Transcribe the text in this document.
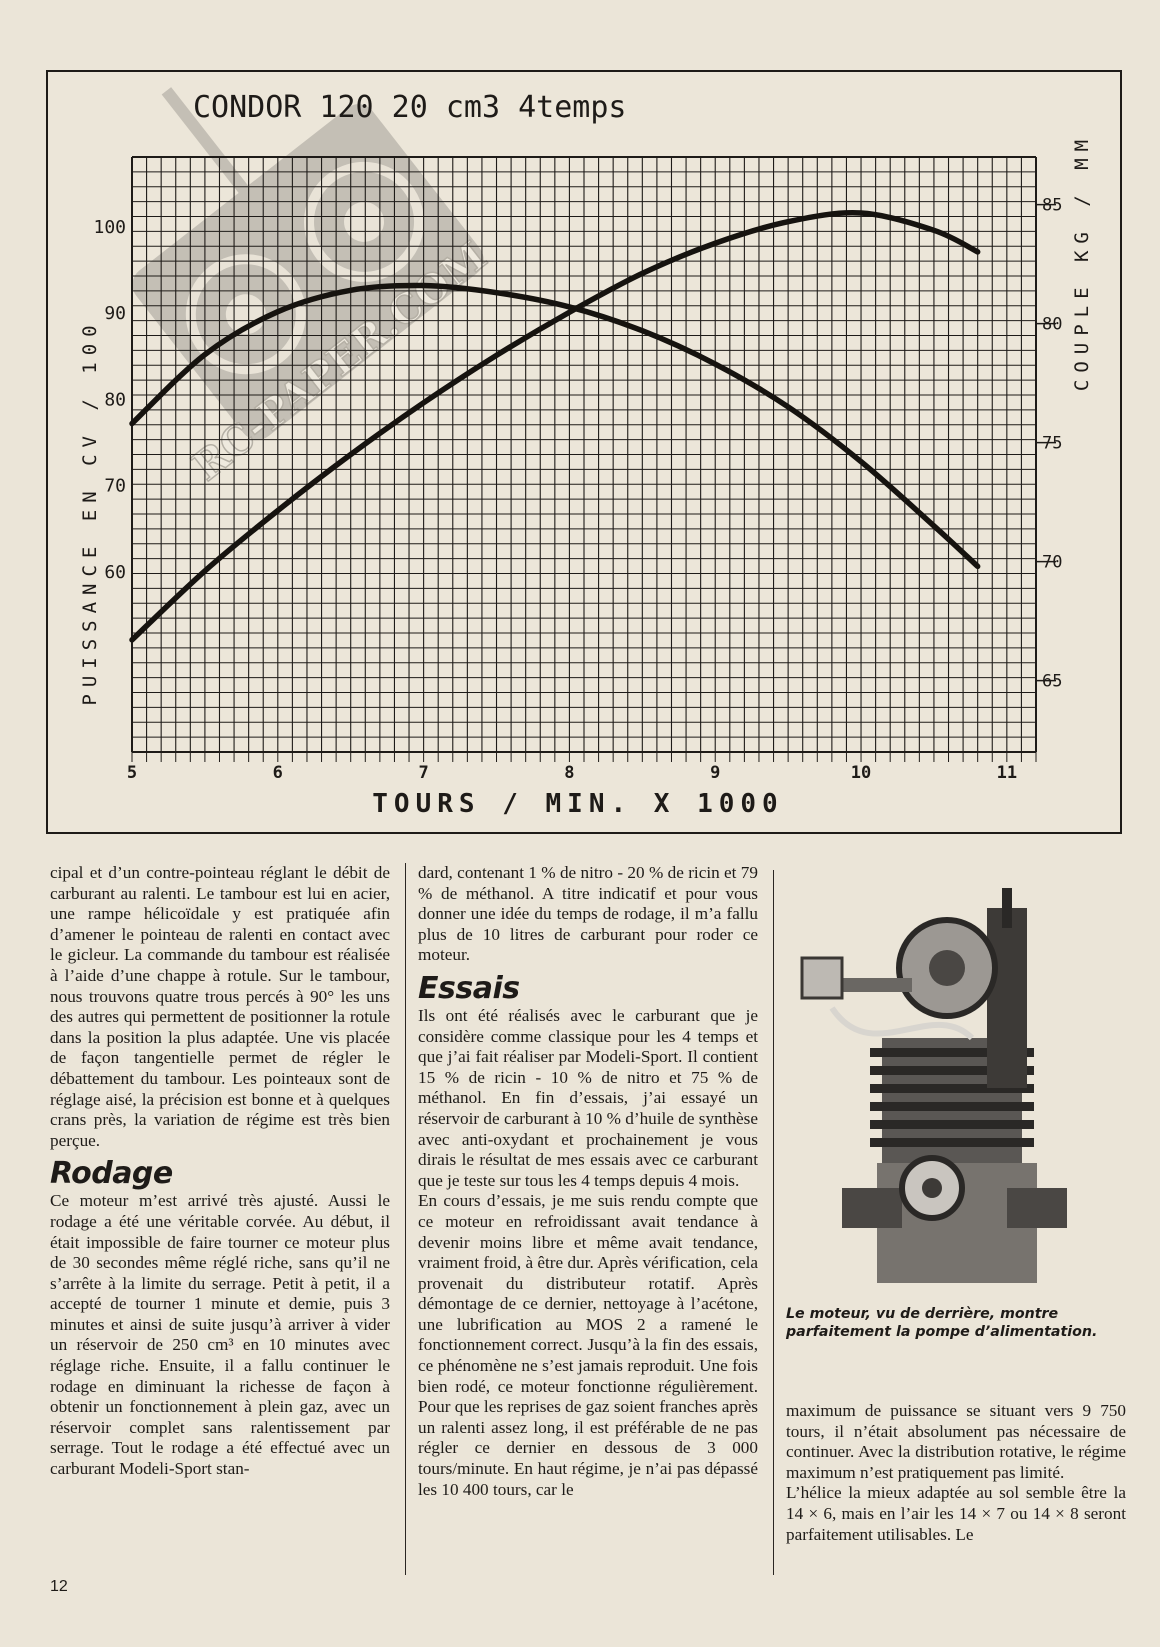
RC-PAPER.COM
CONDOR 120 20 cm3 4temps
5	6	7	8	9	10	11
TOURS / MIN. X 1000
60
70
80
90
100
65
70
75
80
85
PUISSANCE EN CV / 100
COUPLE KG / MM

cipal et d’un contre-pointeau réglant le débit de carburant au ralenti. Le tambour est lui en acier, une rampe hélicoïdale y est pratiquée afin d’amener le pointeau de ralenti en contact avec le gicleur. La commande du tambour est réalisée à l’aide d’une chappe à rotule. Sur le tambour, nous trouvons quatre trous percés à 90° les uns des autres qui permettent de positionner la rotule dans la position la plus adaptée. Une vis placée de façon tangentielle permet de régler le débattement du tambour. Les pointeaux sont de réglage aisé, la précision est bonne et à quelques crans près, la variation de régime est très bien perçue.

Rodage

Ce moteur m’est arrivé très ajusté. Aussi le rodage a été une véritable corvée. Au début, il était impossible de faire tourner ce moteur plus de 30 secondes même réglé riche, sans qu’il ne s’arrête à la limite du serrage. Petit à petit, il a accepté de tourner 1 minute et demie, puis 3 minutes et ainsi de suite jusqu’à arriver à vider un réservoir de 250 cm³ en 10 minutes avec réglage riche. Ensuite, il a fallu continuer le rodage en diminuant la richesse de façon à obtenir un fonctionnement à plein gaz, avec un réservoir complet sans ralentissement par serrage. Tout le rodage a été effectué avec un carburant Modeli-Sport stan-

dard, contenant 1 % de nitro - 20 % de ricin et 79 % de méthanol. A titre indicatif et pour vous donner une idée du temps de rodage, il m’a fallu plus de 10 litres de carburant pour roder ce moteur.

Essais

Ils ont été réalisés avec le carburant que je considère comme classique pour les 4 temps et que j’ai fait réaliser par Modeli-Sport. Il contient 15 % de ricin - 10 % de nitro et 75 % de méthanol. En fin d’essais, j’ai essayé un réservoir de carburant à 10 % d’huile de synthèse avec anti-oxydant et prochainement je vous dirais le résultat de mes essais avec ce carburant que je teste sur tous les 4 temps depuis 4 mois.

En cours d’essais, je me suis rendu compte que ce moteur en refroidissant avait tendance à devenir moins libre et même avait tendance, vraiment froid, à être dur. Après vérification, cela provenait du distributeur rotatif. Après démontage de ce dernier, nettoyage à l’acétone, une lubrification au MOS 2 a ramené le fonctionnement correct. Jusqu’à la fin des essais, ce phénomène ne s’est jamais reproduit. Une fois bien rodé, ce moteur fonctionne régulièrement. Pour que les reprises de gaz soient franches après un ralenti assez long, il est préférable de ne pas régler ce dernier en dessous de 3 000 tours/minute. En haut régime, je n’ai pas dépassé les 10 400 tours, car le

Le moteur, vu de derrière, montre parfaitement la pompe d’alimentation.

maximum de puissance se situant vers 9 750 tours, il n’était absolument pas nécessaire de continuer. Avec la distribution rotative, le régime maximum n’est pratiquement pas limité.

L’hélice la mieux adaptée au sol semble être la 14 × 6, mais en l’air les 14 × 7 ou 14 × 8 seront parfaitement utilisables. Le

12
